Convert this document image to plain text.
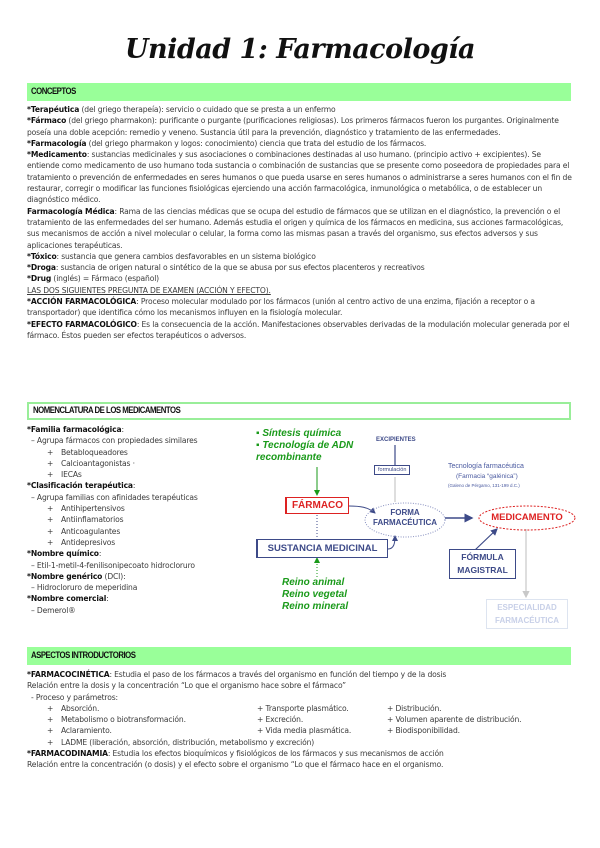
Unidad 1: Farmacología
CONCEPTOS

*Terapéutica (del griego therapeía): servicio o cuidado que se presta a un enfermo

*Fármaco (del griego pharmakon): purificante o purgante (purificaciones religiosas). Los primeros fármacos fueron los purgantes. Originalmente poseía una doble acepción: remedio y veneno. Sustancia útil para la prevención, diagnóstico y tratamiento de las enfermedades.

*Farmacología (del griego pharmakon y logos: conocimiento) ciencia que trata del estudio de los fármacos.

*Medicamento: sustancias medicinales y sus asociaciones o combinaciones destinadas al uso humano. (principio activo + excipientes). Se entiende como medicamento de uso humano toda sustancia o combinación de sustancias que se presente como poseedora de propiedades para el tratamiento o prevención de enfermedades en seres humanos o que pueda usarse en seres humanos o administrarse a seres humanos con el fin de restaurar, corregir o modificar las funciones fisiológicas ejerciendo una acción farmacológica, inmunológica o metabólica, o de establecer un diagnóstico médico.

Farmacología Médica: Rama de las ciencias médicas que se ocupa del estudio de fármacos que se utilizan en el diagnóstico, la prevención o el tratamiento de las enfermedades del ser humano. Además estudia el origen y química de los fármacos en medicina, sus acciones farmacológicas, sus mecanismos de acción a nivel molecular o celular, la forma como las mismas pasan a través del organismo, sus efectos adversos y sus aplicaciones terapéuticas.

*Tóxico: sustancia que genera cambios desfavorables en un sistema biológico

*Droga: sustancia de origen natural o sintético de la que se abusa por sus efectos placenteros y recreativos

*Drug (inglés) = Fármaco (español)

LAS DOS SIGUIENTES PREGUNTA DE EXAMEN (ACCIÓN Y EFECTO).

*ACCIÓN FARMACOLÓGICA: Proceso molecular modulado por los fármacos (unión al centro activo de una enzima, fijación a receptor o a transportador) que identifica cómo los mecanismos influyen en la fisiología molecular.

*EFECTO FARMACOLÓGICO: Es la consecuencia de la acción. Manifestaciones observables derivadas de la modulación molecular generada por el fármaco. Éstos pueden ser efectos terapéuticos o adversos.

NOMENCLATURA DE LOS MEDICAMENTOS

*Familia farmacológica:

– Agrupa fármacos con propiedades similares

+ Betabloqueadores

+ Calcioantagonistas ·

+ IECAs

*Clasificación terapéutica:

– Agrupa familias con afinidades terapéuticas

+ Antihipertensivos

+ Antiinflamatorios

+ Anticoagulantes

+ Antidepresivos

*Nombre químico:

– Etil-1-metil-4-fenilisonipecoato hidrocloruro

*Nombre genérico (DCI):

– Hidrocloruro de meperidina

*Nombre comercial:

– Demerol®

▪ Síntesis química
▪ Tecnología de ADN
recombinante
EXCIPIENTES
formulación	Tecnología farmacéutica
(Farmacia “galénica”)
(Galeno de Pérgamo, 131-199 d.C.)
FÁRMACO
FORMA
FARMACÉUTICA	MEDICAMENTO
SUSTANCIA MEDICINAL
FÓRMULA
MAGISTRAL
ESPECIALIDAD
FARMACÉUTICA
Reino animal
Reino vegetal
Reino mineral
ASPECTOS INTRODUCTORIOS

*FARMACOCINÉTICA: Estudia el paso de los fármacos a través del organismo en función del tiempo y de la dosis

Relación entre la dosis y la concentración “Lo que el organismo hace sobre el fármaco”

- Proceso y parámetros:

+ Absorción.	+ Transporte plasmático.	+ Distribución.
+ Metabolismo o biotransformación.	+ Excreción.	+ Volumen aparente de distribución.
+ Aclaramiento.	+ Vida media plasmática.	+ Biodisponibilidad.

+ LADME (liberación, absorción, distribución, metabolismo y excreción)

*FARMACODINAMIA: Estudia los efectos bioquímicos y fisiológicos de los fármacos y sus mecanismos de acción

Relación entre la concentración (o dosis) y el efecto sobre el organismo “Lo que el fármaco hace en el organismo.
